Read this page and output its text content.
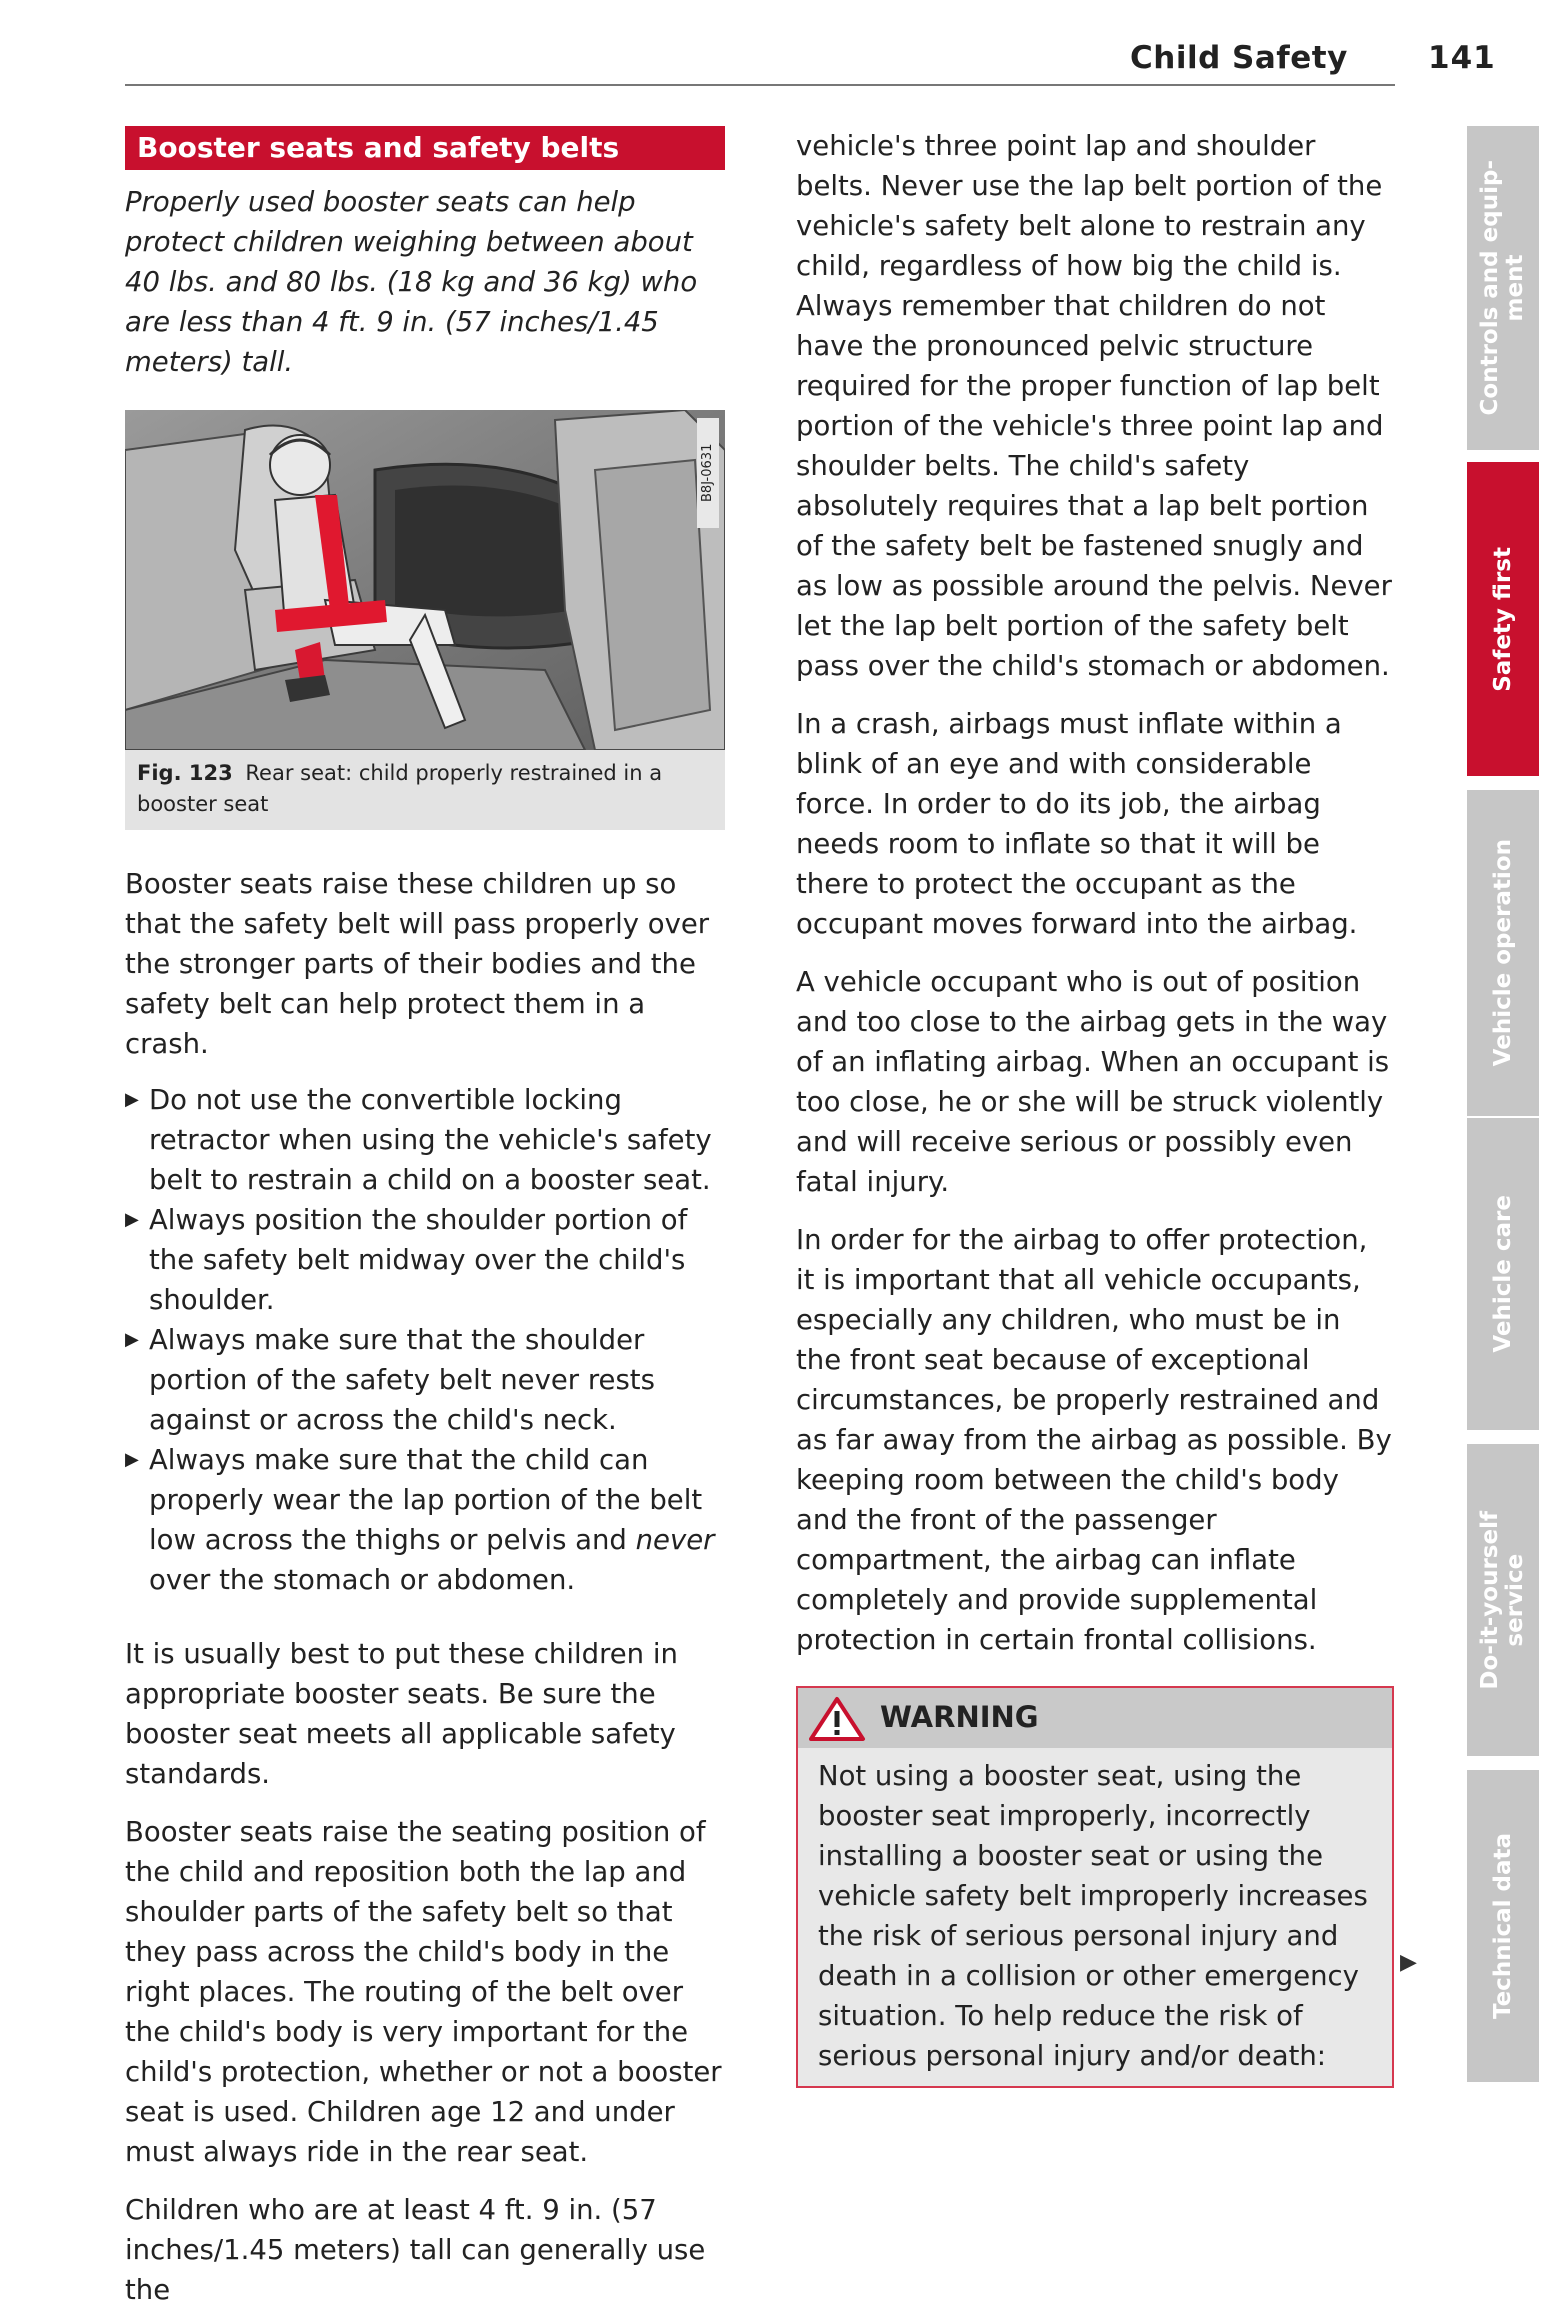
Child Safety	141
Booster seats and safety belts

Properly used booster seats can help protect children weighing between about 40 lbs. and 80 lbs. (18 kg and 36 kg) who are less than 4 ft. 9 in. (57 inches/1.45 meters) tall.

B8J-0631
Fig. 123 Rear seat: child properly restrained in a booster seat

Booster seats raise these children up so that the safety belt will pass properly over the stronger parts of their bodies and the safety belt can help protect them in a crash.

▶ Do not use the convertible locking retractor when using the vehicle's safety belt to restrain a child on a booster seat.
▶ Always position the shoulder portion of the safety belt midway over the child's shoulder.
▶ Always make sure that the shoulder portion of the safety belt never rests against or across the child's neck.
▶ Always make sure that the child can properly wear the lap portion of the belt low across the thighs or pelvis and never over the stomach or abdomen.

It is usually best to put these children in appropriate booster seats. Be sure the booster seat meets all applicable safety standards.

Booster seats raise the seating position of the child and reposition both the lap and shoulder parts of the safety belt so that they pass across the child's body in the right places. The routing of the belt over the child's body is very important for the child's protection, whether or not a booster seat is used. Children age 12 and under must always ride in the rear seat.

Children who are at least 4 ft. 9 in. (57 inches/1.45 meters) tall can generally use the

vehicle's three point lap and shoulder belts. Never use the lap belt portion of the vehicle's safety belt alone to restrain any child, regardless of how big the child is. Always remember that children do not have the pronounced pelvic structure required for the proper function of lap belt portion of the vehicle's three point lap and shoulder belts. The child's safety absolutely requires that a lap belt portion of the safety belt be fastened snugly and as low as possible around the pelvis. Never let the lap belt portion of the safety belt pass over the child's stomach or abdomen.

In a crash, airbags must inflate within a blink of an eye and with considerable force. In order to do its job, the airbag needs room to inflate so that it will be there to protect the occupant as the occupant moves forward into the airbag.

A vehicle occupant who is out of position and too close to the airbag gets in the way of an inflating airbag. When an occupant is too close, he or she will be struck violently and will receive serious or possibly even fatal injury.

In order for the airbag to offer protection, it is important that all vehicle occupants, especially any children, who must be in the front seat because of exceptional circumstances, be properly restrained and as far away from the airbag as possible. By keeping room between the child's body and the front of the passenger compartment, the airbag can inflate completely and provide supplemental protection in certain frontal collisions.

WARNING
Not using a booster seat, using the booster seat improperly, incorrectly installing a booster seat or using the vehicle safety belt improperly increases the risk of serious personal injury and death in a collision or other emergency situation. To help reduce the risk of serious personal injury and/or death:
▶
Controls and equip-
ment
Safety first
Vehicle operation
Vehicle care
Do-it-yourself
service
Technical data
